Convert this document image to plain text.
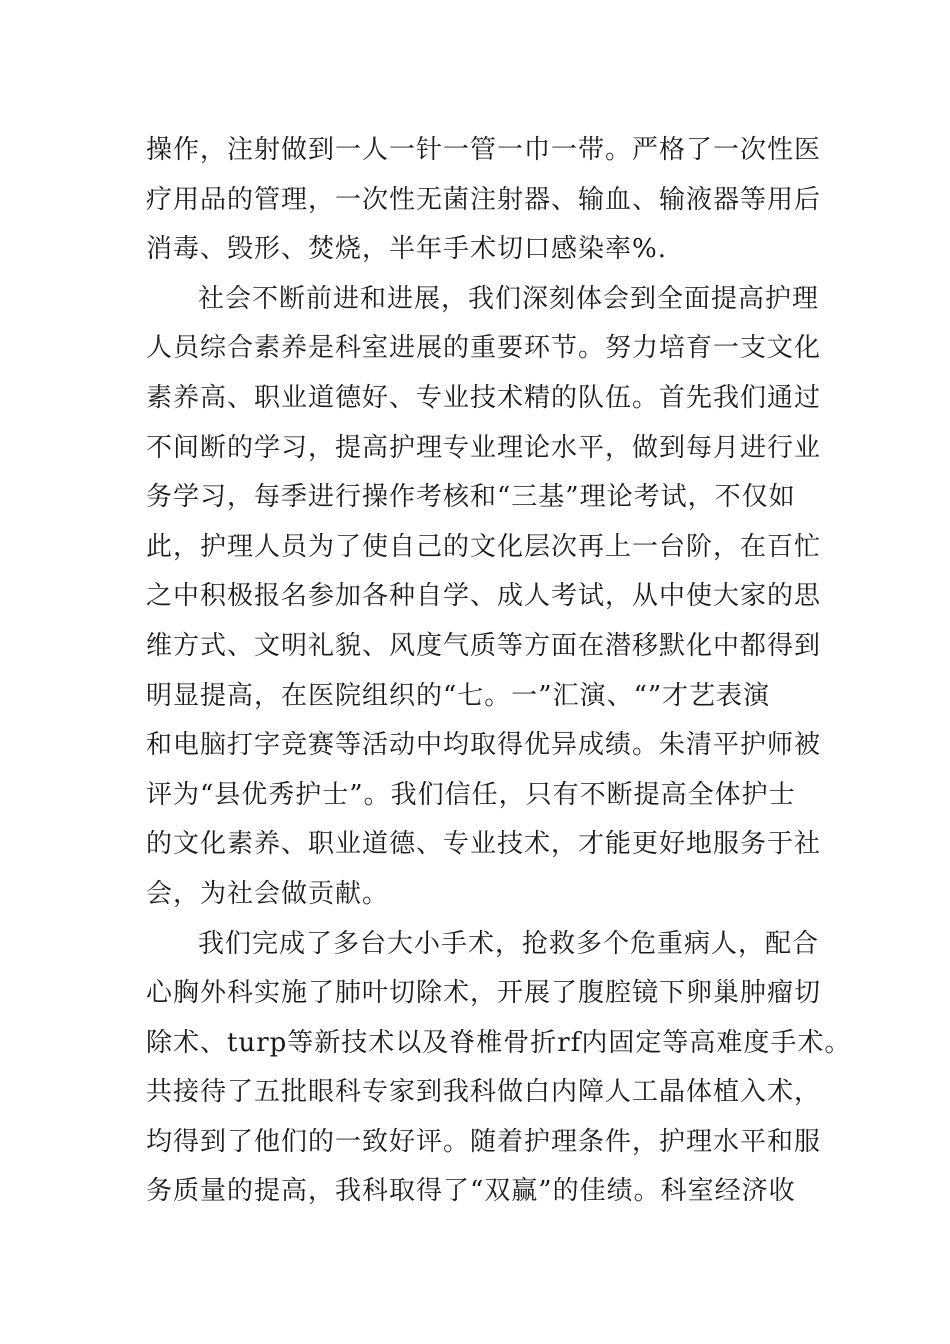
操作，注射做到一人一针一管一巾一带。严格了一次性医
疗用品的管理，一次性无菌注射器、输血、输液器等用后
消毒、毁形、焚烧，半年手术切口感染率%.
社会不断前进和进展，我们深刻体会到全面提高护理
人员综合素养是科室进展的重要环节。努力培育一支文化
素养高、职业道德好、专业技术精的队伍。首先我们通过
不间断的学习，提高护理专业理论水平，做到每月进行业
务学习，每季进行操作考核和“三基”理论考试，不仅如
此，护理人员为了使自己的文化层次再上一台阶，在百忙
之中积极报名参加各种自学、成人考试，从中使大家的思
维方式、文明礼貌、风度气质等方面在潜移默化中都得到
明显提高，在医院组织的“七。一”汇演、“”才艺表演
和电脑打字竞赛等活动中均取得优异成绩。朱清平护师被
评为“县优秀护士”。我们信任，只有不断提高全体护士
的文化素养、职业道德、专业技术，才能更好地服务于社
会，为社会做贡献。
我们完成了多台大小手术，抢救多个危重病人，配合
心胸外科实施了肺叶切除术，开展了腹腔镜下卵巢肿瘤切
除术、turp等新技术以及脊椎骨折rf内固定等高难度手术。
共接待了五批眼科专家到我科做白内障人工晶体植入术，
均得到了他们的一致好评。随着护理条件，护理水平和服
务质量的提高，我科取得了“双赢”的佳绩。科室经济收
